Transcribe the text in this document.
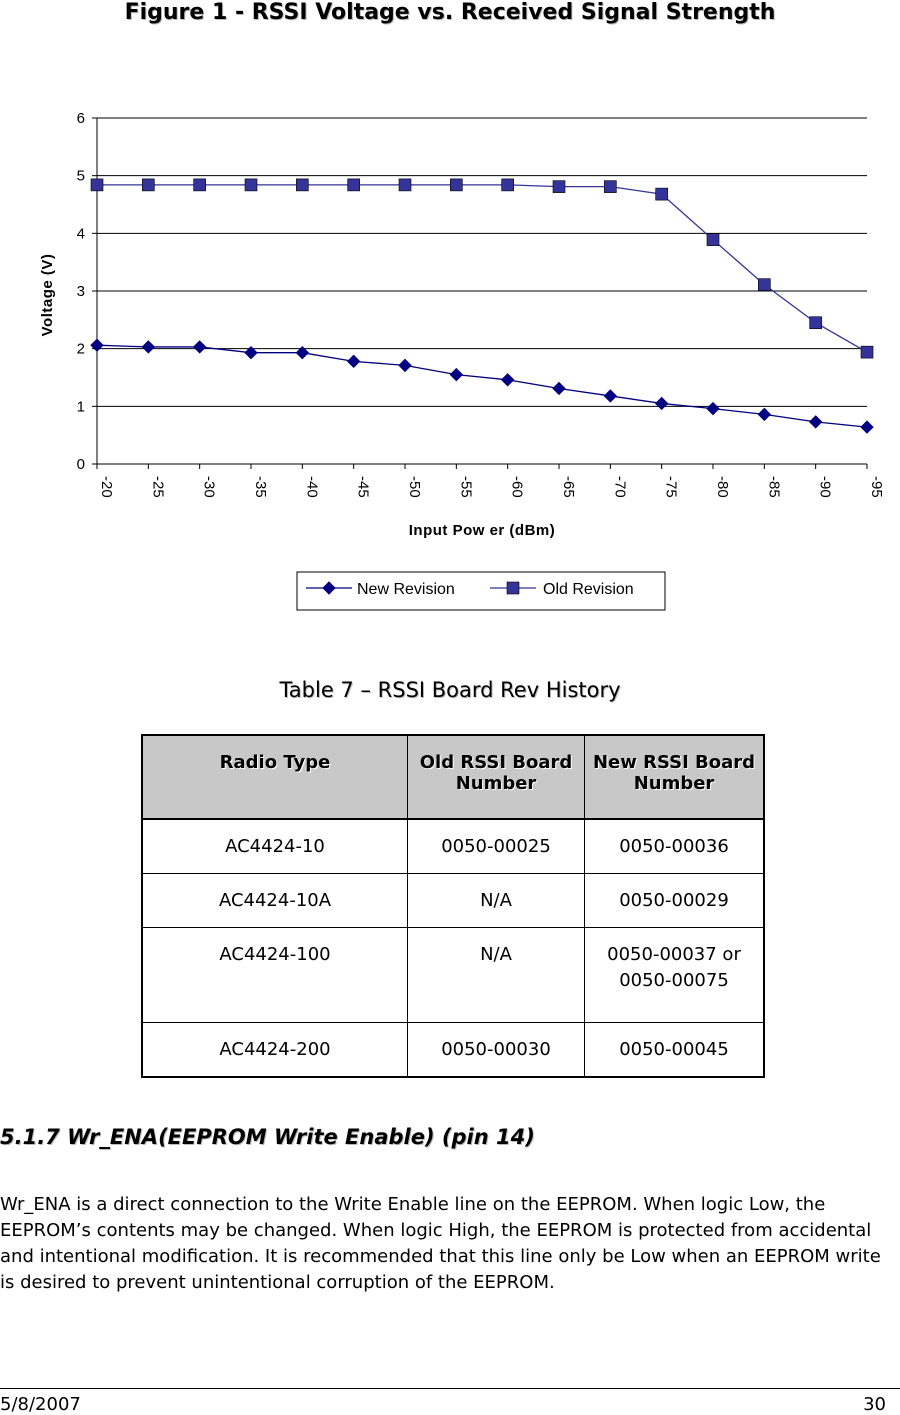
Figure 1 - RSSI Voltage vs. Received Signal Strength
0
1
2
3
4
5
6
-20 -25 -30 -35 -40 -45 -50 -55 -60 -65 -70 -75 -80 -85 -90 -95
Voltage (V)
Input Pow er (dBm)
New Revision	Old Revision
Table 7 – RSSI Board Rev History
Radio Type	Old RSSI Board Number	New RSSI Board Number
AC4424-10	0050-00025	0050-00036
AC4424-10A	N/A	0050-00029
AC4424-100	N/A	0050-00037 or 0050-00075
AC4424-200	0050-00030	0050-00045
5.1.7 Wr_ENA(EEPROM Write Enable) (pin 14)
Wr_ENA is a direct connection to the Write Enable line on the EEPROM. When logic Low, the EEPROM’s contents may be changed. When logic High, the EEPROM is protected from accidental and intentional modification. It is recommended that this line only be Low when an EEPROM write is desired to prevent unintentional corruption of the EEPROM.
5/8/2007	30
